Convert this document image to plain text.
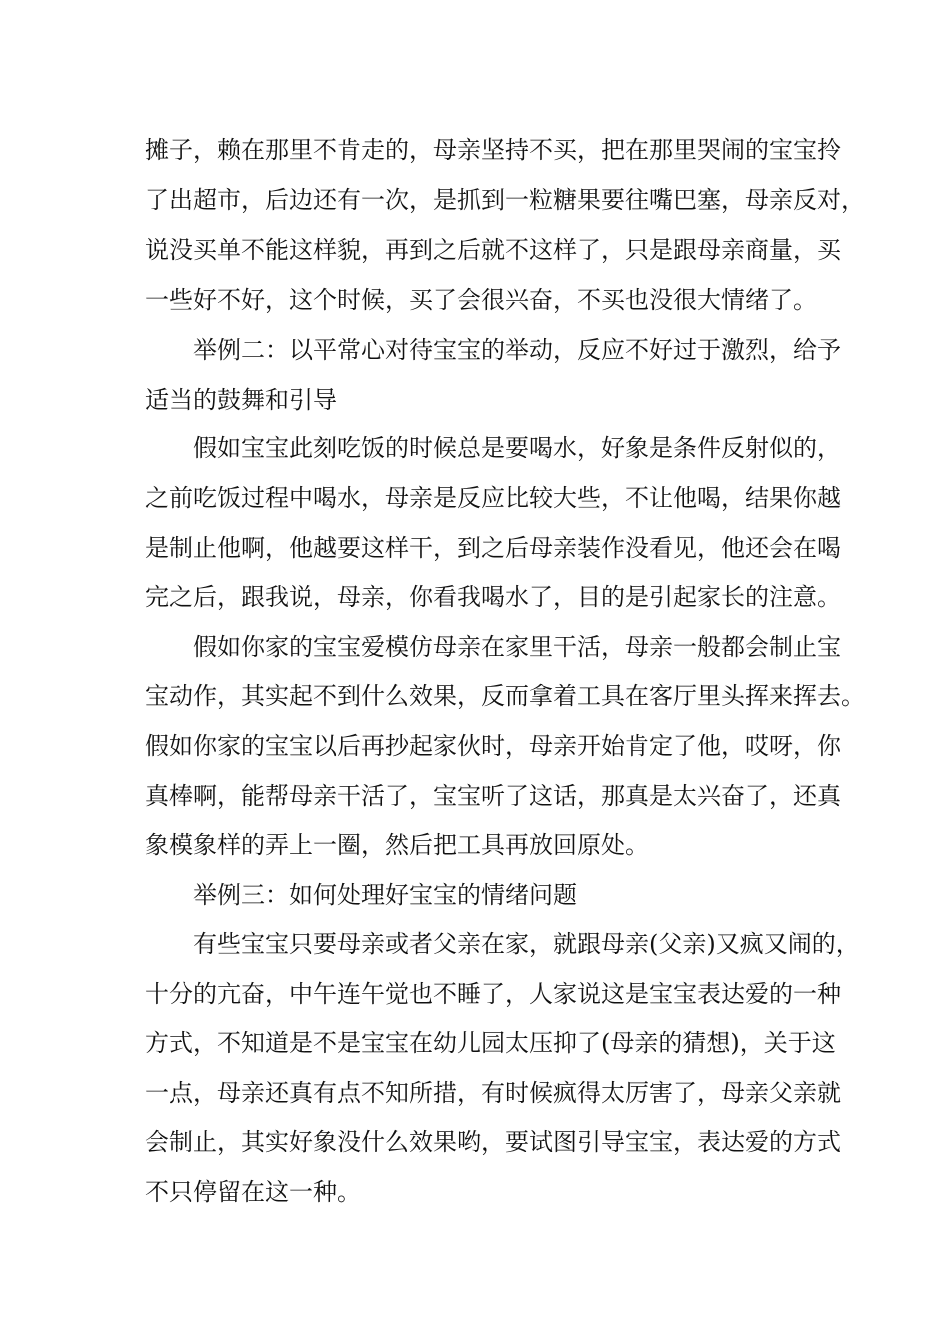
摊子，赖在那里不肯走的，母亲坚持不买，把在那里哭闹的宝宝拎
了出超市，后边还有一次，是抓到一粒糖果要往嘴巴塞，母亲反对，
说没买单不能这样貌，再到之后就不这样了，只是跟母亲商量，买
一些好不好，这个时候，买了会很兴奋，不买也没很大情绪了。
举例二：以平常心对待宝宝的举动，反应不好过于激烈，给予
适当的鼓舞和引导
假如宝宝此刻吃饭的时候总是要喝水，好象是条件反射似的，
之前吃饭过程中喝水，母亲是反应比较大些，不让他喝，结果你越
是制止他啊，他越要这样干，到之后母亲装作没看见，他还会在喝
完之后，跟我说，母亲，你看我喝水了，目的是引起家长的注意。
假如你家的宝宝爱模仿母亲在家里干活，母亲一般都会制止宝
宝动作，其实起不到什么效果，反而拿着工具在客厅里头挥来挥去。
假如你家的宝宝以后再抄起家伙时，母亲开始肯定了他，哎呀，你
真棒啊，能帮母亲干活了，宝宝听了这话，那真是太兴奋了，还真
象模象样的弄上一圈，然后把工具再放回原处。
举例三：如何处理好宝宝的情绪问题
有些宝宝只要母亲或者父亲在家，就跟母亲(父亲)又疯又闹的，
十分的亢奋，中午连午觉也不睡了，人家说这是宝宝表达爱的一种
方式，不知道是不是宝宝在幼儿园太压抑了(母亲的猜想)，关于这
一点，母亲还真有点不知所措，有时候疯得太厉害了，母亲父亲就
会制止，其实好象没什么效果哟，要试图引导宝宝，表达爱的方式
不只停留在这一种。
